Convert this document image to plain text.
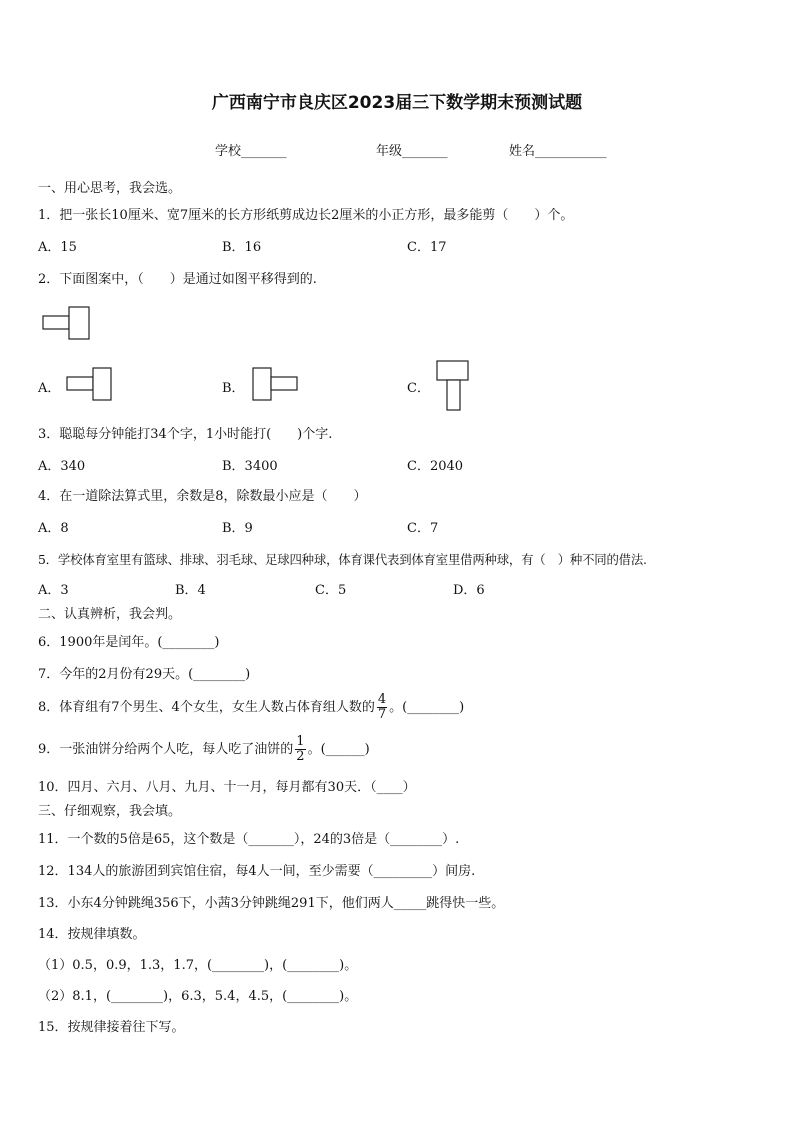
广西南宁市良庆区2023届三下数学期末预测试题
学校_______	年级_______	姓名___________
一、用心思考，我会选。
1．把一张长10厘米、宽7厘米的长方形纸剪成边长2厘米的小正方形，最多能剪（　　）个。
A．15	B．16	C．17
2．下面图案中，（　　）是通过如图平移得到的.
A．	B．	C．
3．聪聪每分钟能打34个字，1小时能打(　　)个字.
A．340	B．3400	C．2040
4．在一道除法算式里，余数是8，除数最小应是（　　）
A．8	B．9	C．7
5．学校体育室里有篮球、排球、羽毛球、足球四种球，体育课代表到体育室里借两种球，有（　）种不同的借法.
A．3	B．4	C．5	D．6
二、认真辨析，我会判。
6．1900年是闰年。(________)
7．今年的2月份有29天。(________)
8．体育组有7个男生、4个女生，女生人数占体育组人数的 $\frac{4}{7}$ 。(________)
9．一张油饼分给两个人吃，每人吃了油饼的 $\frac{1}{2}$ 。(______)
10．四月、六月、八月、九月、十一月，每月都有30天．（____）
三、仔细观察，我会填。
11．一个数的5倍是65，这个数是（_______），24的3倍是（________）.
12．134人的旅游团到宾馆住宿，每4人一间，至少需要（_________）间房.
13．小东4分钟跳绳356下，小茜3分钟跳绳291下，他们两人_____跳得快一些。
14．按规律填数。
（1）0.5，0.9，1.3，1.7，(________)，(________)。
（2）8.1，(________)，6.3，5.4，4.5，(________)。
15．按规律接着往下写。
